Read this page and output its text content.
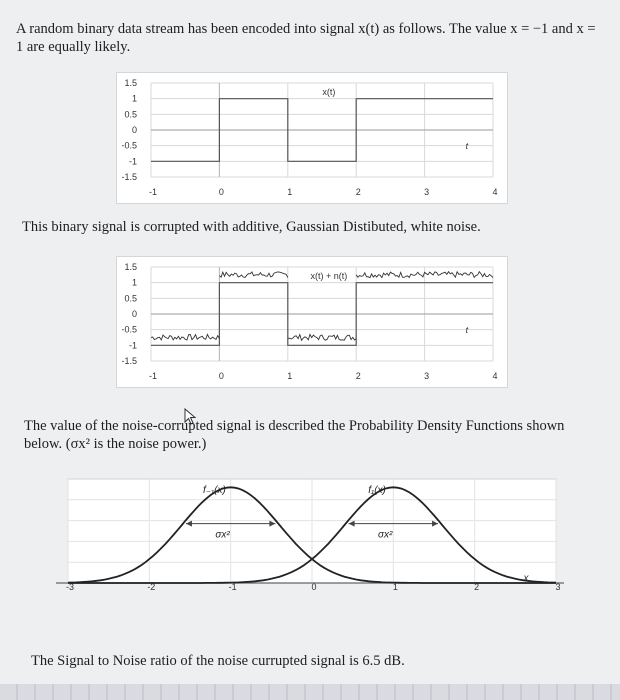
A random binary data stream has been encoded into signal x(t) as follows. The value x = −1 and x = 1 are equally likely.

1.5
1
0.5
0
-0.5
-1
-1.5
-1	0	1	2	3	4
t
x(t)

This binary signal is corrupted with additive, Gaussian Distibuted, white noise.

1.5
1
0.5
0
-0.5
-1
-1.5
-1	0	1	2	3	4
t
x(t) + n(t)

The value of the noise-corrupted signal is described the Probability Density Functions shown below. (σx² is the noise power.)

-3	-2	-1	0	1	2	3
x
f₋₁(x)
σx²
f₁(x)
σx²

The Signal to Noise ratio of the noise currupted signal is 6.5 dB.
